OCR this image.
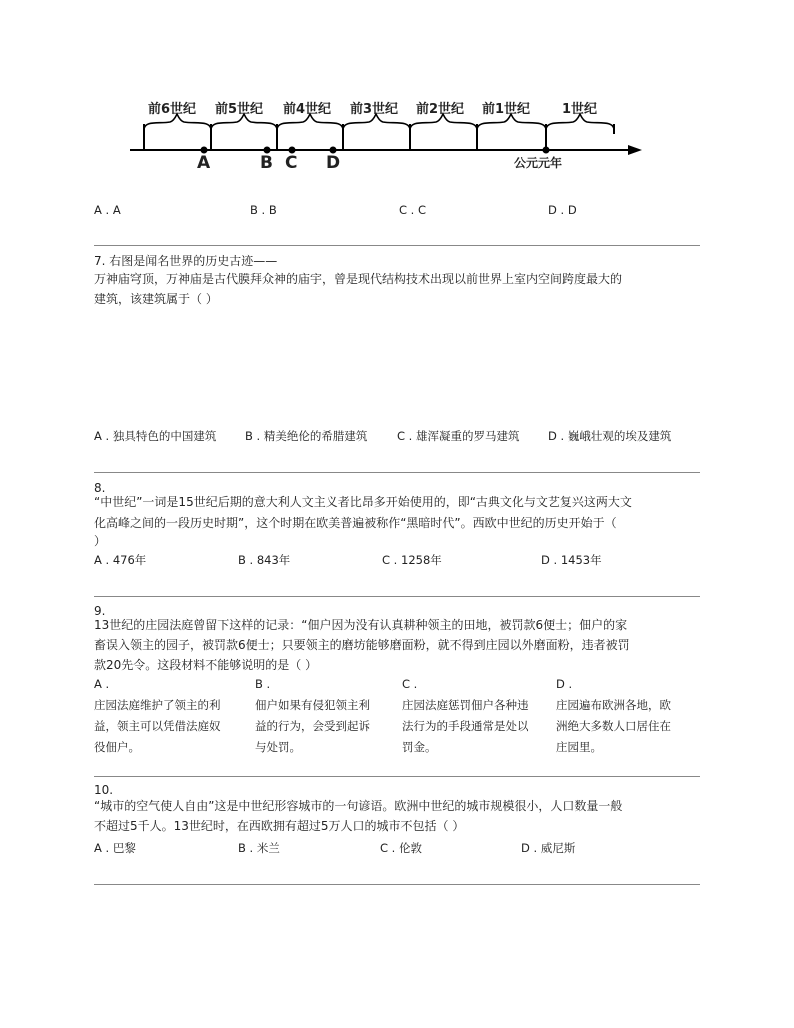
前6世纪 前5世纪 前4世纪 前3世纪 前2世纪 前1世纪 1世纪
A	B C D	公元元年
A . A	B . B	C . C	D . D
7. 右图是闻名世界的历史古迹——
万神庙穹顶，万神庙是古代膜拜众神的庙宇，曾是现代结构技术出现以前世界上室内空间跨度最大的
建筑，该建筑属于（ ）
A . 独具特色的中国建筑 B . 精美绝伦的希腊建筑	C . 雄浑凝重的罗马建筑 D . 巍峨壮观的埃及建筑
8.
“中世纪”一词是15世纪后期的意大利人文主义者比昂多开始使用的，即“古典文化与文艺复兴这两大文
化高峰之间的一段历史时期”，这个时期在欧美普遍被称作“黑暗时代”。西欧中世纪的历史开始于（
）
A . 476年	B . 843年	C . 1258年	D . 1453年
9.
13世纪的庄园法庭曾留下这样的记录：“佃户因为没有认真耕种领主的田地，被罚款6便士；佃户的家
畜误入领主的园子，被罚款6便士；只要领主的磨坊能够磨面粉，就不得到庄园以外磨面粉，违者被罚
款20先令。这段材料不能够说明的是（ ）
A .
庄园法庭维护了领主的利
益，领主可以凭借法庭奴
役佃户。
B .
佃户如果有侵犯领主利
益的行为，会受到起诉
与处罚。
C .
庄园法庭惩罚佃户各种违
法行为的手段通常是处以
罚金。
D .
庄园遍布欧洲各地，欧
洲绝大多数人口居住在
庄园里。
10.
“城市的空气使人自由”这是中世纪形容城市的一句谚语。欧洲中世纪的城市规模很小，人口数量一般
不超过5千人。13世纪时，在西欧拥有超过5万人口的城市不包括（ ）
A . 巴黎	B . 米兰	C . 伦敦	D . 威尼斯
